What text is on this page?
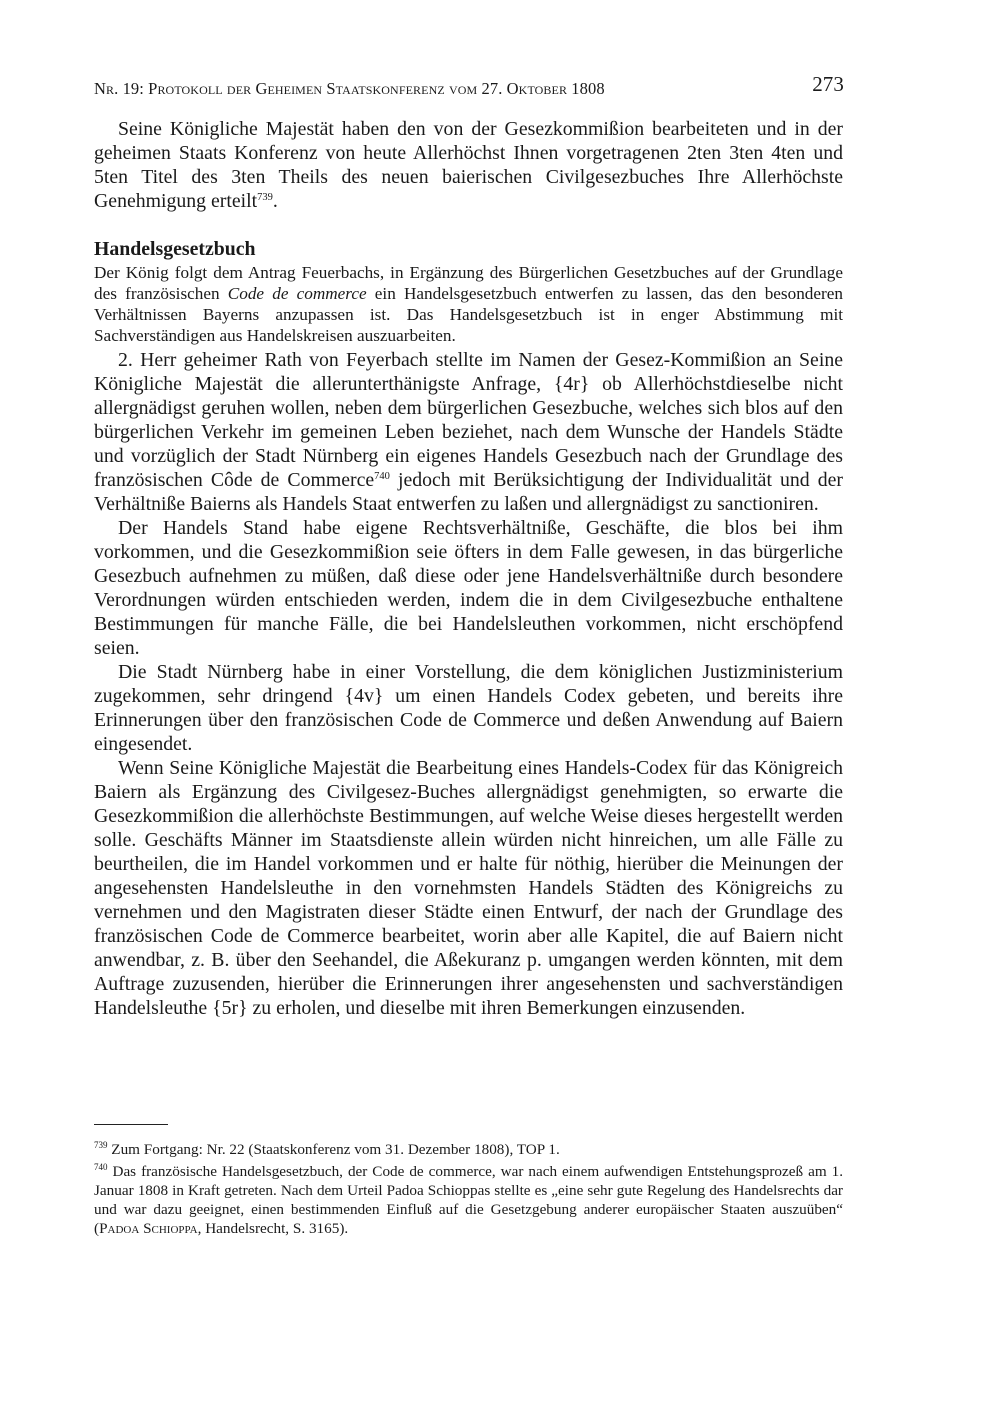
Nr. 19: Protokoll der Geheimen Staatskonferenz vom 27. Oktober 1808	273

Seine Königliche Majestät haben den von der Gesezkommißion bearbeiteten und in der geheimen Staats Konferenz von heute Allerhöchst Ihnen vorgetragenen 2ten 3ten 4ten und 5ten Titel des 3ten Theils des neuen baierischen Civilgesezbuches Ihre Allerhöchste Genehmigung erteilt$^{739}$.

Handelsgesetzbuch

Der König folgt dem Antrag Feuerbachs, in Ergänzung des Bürgerlichen Gesetzbuches auf der Grundlage des französischen Code de commerce ein Handelsgesetzbuch entwerfen zu lassen, das den besonderen Verhältnissen Bayerns anzupassen ist. Das Handelsgesetzbuch ist in enger Abstimmung mit Sachverständigen aus Handelskreisen auszuarbeiten.

2. Herr geheimer Rath von Feyerbach stellte im Namen der Gesez-Kommißion an Seine Königliche Majestät die allerunterthänigste Anfrage, {4r} ob Allerhöchstdieselbe nicht allergnädigst geruhen wollen, neben dem bürgerlichen Gesezbuche, welches sich blos auf den bürgerlichen Verkehr im gemeinen Leben beziehet, nach dem Wunsche der Handels Städte und vorzüglich der Stadt Nürnberg ein eigenes Handels Gesezbuch nach der Grundlage des französischen Côde de Commerce$^{740}$ jedoch mit Berüksichtigung der Individualität und der Verhältniße Baierns als Handels Staat entwerfen zu laßen und allergnädigst zu sanctioniren.

Der Handels Stand habe eigene Rechtsverhältniße, Geschäfte, die blos bei ihm vorkommen, und die Gesezkommißion seie öfters in dem Falle gewesen, in das bürgerliche Gesezbuch aufnehmen zu müßen, daß diese oder jene Handelsverhältniße durch besondere Verordnungen würden entschieden werden, indem die in dem Civilgesezbuche enthaltene Bestimmungen für manche Fälle, die bei Handelsleuthen vorkommen, nicht erschöpfend seien.

Die Stadt Nürnberg habe in einer Vorstellung, die dem königlichen Justizministerium zugekommen, sehr dringend {4v} um einen Handels Codex gebeten, und bereits ihre Erinnerungen über den französischen Code de Commerce und deßen Anwendung auf Baiern eingesendet.

Wenn Seine Königliche Majestät die Bearbeitung eines Handels-Codex für das Königreich Baiern als Ergänzung des Civilgesez-Buches allergnädigst genehmigten, so erwarte die Gesezkommißion die allerhöchste Bestimmungen, auf welche Weise dieses hergestellt werden solle. Geschäfts Männer im Staatsdienste allein würden nicht hinreichen, um alle Fälle zu beurtheilen, die im Handel vorkommen und er halte für nöthig, hierüber die Meinungen der angesehensten Handelsleuthe in den vornehmsten Handels Städten des Königreichs zu vernehmen und den Magistraten dieser Städte einen Entwurf, der nach der Grundlage des französischen Code de Commerce bearbeitet, worin aber alle Kapitel, die auf Baiern nicht anwendbar, z. B. über den Seehandel, die Aßekuranz p. umgangen werden könnten, mit dem Auftrage zuzusenden, hierüber die Erinnerungen ihrer angesehensten und sachverständigen Handelsleuthe {5r} zu erholen, und dieselbe mit ihren Bemerkungen einzusenden.

$^{739}$ Zum Fortgang: Nr. 22 (Staatskonferenz vom 31. Dezember 1808), TOP 1.

$^{740}$ Das französische Handelsgesetzbuch, der Code de commerce, war nach einem aufwendigen Entstehungsprozeß am 1. Januar 1808 in Kraft getreten. Nach dem Urteil Padoa Schioppas stellte es „eine sehr gute Regelung des Handelsrechts dar und war dazu geeignet, einen bestimmenden Einfluß auf die Gesetzgebung anderer europäischer Staaten auszuüben“ (Padoa Schioppa, Handelsrecht, S. 3165).
